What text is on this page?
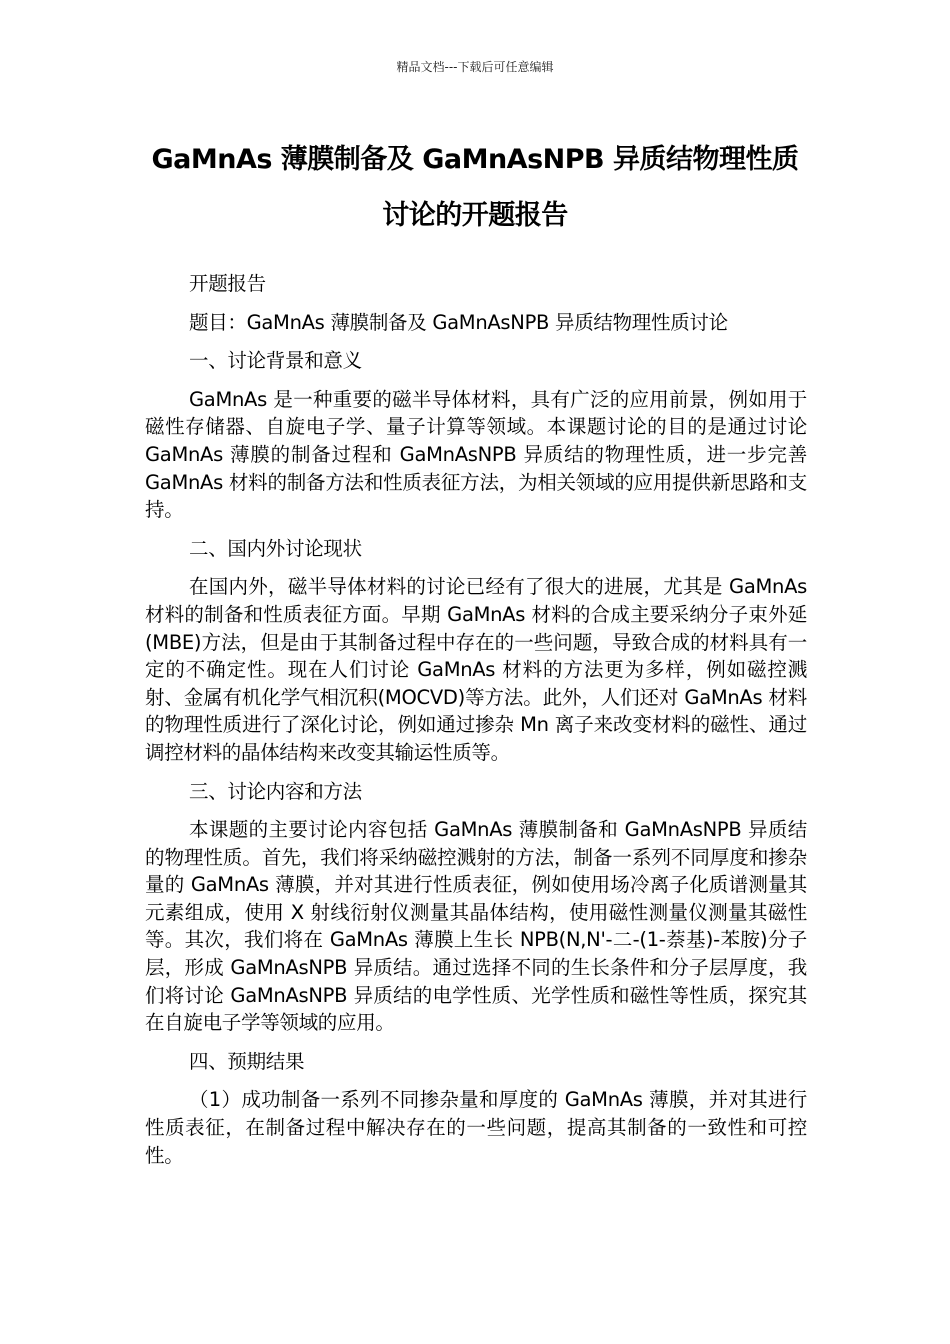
精品文档---下载后可任意编辑
GaMnAs 薄膜制备及 GaMnAsNPB 异质结物理性质
讨论的开题报告

开题报告

题目：GaMnAs 薄膜制备及 GaMnAsNPB 异质结物理性质讨论

一、讨论背景和意义

GaMnAs 是一种重要的磁半导体材料，具有广泛的应用前景，例如用于磁性存储器、自旋电子学、量子计算等领域。本课题讨论的目的是通过讨论 GaMnAs 薄膜的制备过程和 GaMnAsNPB 异质结的物理性质，进一步完善 GaMnAs 材料的制备方法和性质表征方法，为相关领域的应用提供新思路和支持。

二、国内外讨论现状

在国内外，磁半导体材料的讨论已经有了很大的进展，尤其是 GaMnAs 材料的制备和性质表征方面。早期 GaMnAs 材料的合成主要采纳分子束外延(MBE)方法，但是由于其制备过程中存在的一些问题，导致合成的材料具有一定的不确定性。现在人们讨论 GaMnAs 材料的方法更为多样，例如磁控溅射、金属有机化学气相沉积(MOCVD)等方法。此外，人们还对 GaMnAs 材料的物理性质进行了深化讨论，例如通过掺杂 Mn 离子来改变材料的磁性、通过调控材料的晶体结构来改变其输运性质等。

三、讨论内容和方法

本课题的主要讨论内容包括 GaMnAs 薄膜制备和 GaMnAsNPB 异质结的物理性质。首先，我们将采纳磁控溅射的方法，制备一系列不同厚度和掺杂量的 GaMnAs 薄膜，并对其进行性质表征，例如使用场冷离子化质谱测量其元素组成，使用 X 射线衍射仪测量其晶体结构，使用磁性测量仪测量其磁性等。其次，我们将在 GaMnAs 薄膜上生长 NPB(N,N'-二-(1-萘基)-苯胺)分子层，形成 GaMnAsNPB 异质结。通过选择不同的生长条件和分子层厚度，我们将讨论 GaMnAsNPB 异质结的电学性质、光学性质和磁性等性质，探究其在自旋电子学等领域的应用。

四、预期结果

（1）成功制备一系列不同掺杂量和厚度的 GaMnAs 薄膜，并对其进行性质表征，在制备过程中解决存在的一些问题，提高其制备的一致性和可控性。
